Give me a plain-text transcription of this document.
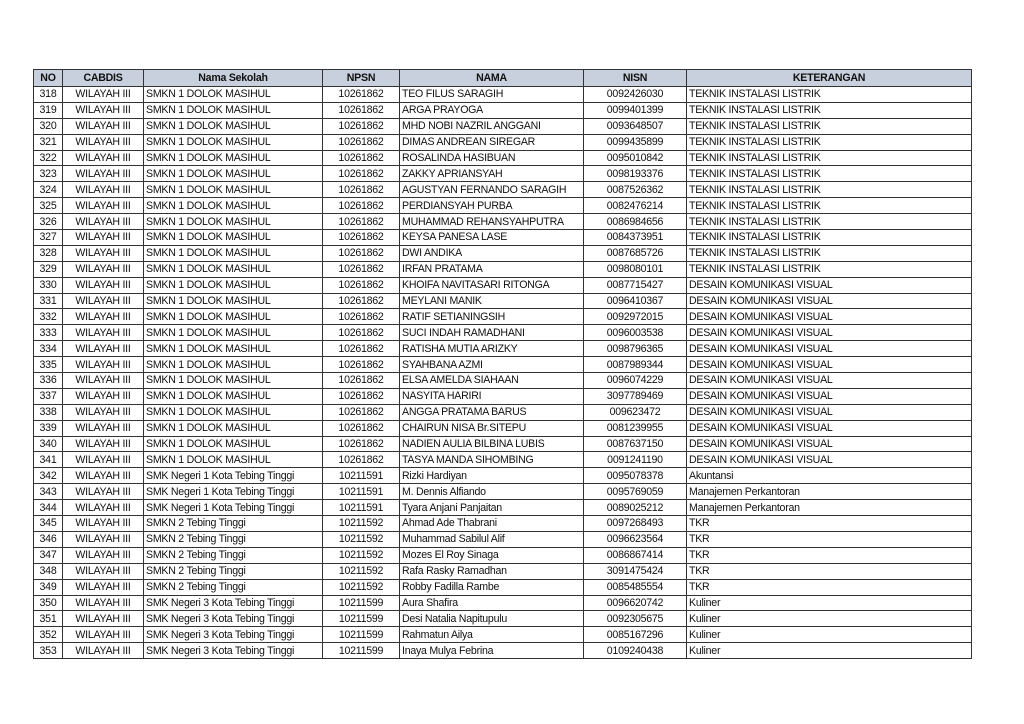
NO	CABDIS	Nama Sekolah	NPSN	NAMA	NISN	KETERANGAN
318	WILAYAH III	SMKN 1 DOLOK MASIHUL	10261862	TEO FILUS SARAGIH	0092426030	TEKNIK INSTALASI LISTRIK
319	WILAYAH III	SMKN 1 DOLOK MASIHUL	10261862	ARGA PRAYOGA	0099401399	TEKNIK INSTALASI LISTRIK
320	WILAYAH III	SMKN 1 DOLOK MASIHUL	10261862	MHD NOBI NAZRIL ANGGANI	0093648507	TEKNIK INSTALASI LISTRIK
321	WILAYAH III	SMKN 1 DOLOK MASIHUL	10261862	DIMAS ANDREAN SIREGAR	0099435899	TEKNIK INSTALASI LISTRIK
322	WILAYAH III	SMKN 1 DOLOK MASIHUL	10261862	ROSALINDA HASIBUAN	0095010842	TEKNIK INSTALASI LISTRIK
323	WILAYAH III	SMKN 1 DOLOK MASIHUL	10261862	ZAKKY APRIANSYAH	0098193376	TEKNIK INSTALASI LISTRIK
324	WILAYAH III	SMKN 1 DOLOK MASIHUL	10261862	AGUSTYAN FERNANDO SARAGIH	0087526362	TEKNIK INSTALASI LISTRIK
325	WILAYAH III	SMKN 1 DOLOK MASIHUL	10261862	PERDIANSYAH PURBA	0082476214	TEKNIK INSTALASI LISTRIK
326	WILAYAH III	SMKN 1 DOLOK MASIHUL	10261862	MUHAMMAD REHANSYAHPUTRA	0086984656	TEKNIK INSTALASI LISTRIK
327	WILAYAH III	SMKN 1 DOLOK MASIHUL	10261862	KEYSA PANESA LASE	0084373951	TEKNIK INSTALASI LISTRIK
328	WILAYAH III	SMKN 1 DOLOK MASIHUL	10261862	DWI ANDIKA	0087685726	TEKNIK INSTALASI LISTRIK
329	WILAYAH III	SMKN 1 DOLOK MASIHUL	10261862	IRFAN PRATAMA	0098080101	TEKNIK INSTALASI LISTRIK
330	WILAYAH III	SMKN 1 DOLOK MASIHUL	10261862	KHOIFA NAVITASARI RITONGA	0087715427	DESAIN KOMUNIKASI VISUAL
331	WILAYAH III	SMKN 1 DOLOK MASIHUL	10261862	MEYLANI MANIK	0096410367	DESAIN KOMUNIKASI VISUAL
332	WILAYAH III	SMKN 1 DOLOK MASIHUL	10261862	RATIF SETIANINGSIH	0092972015	DESAIN KOMUNIKASI VISUAL
333	WILAYAH III	SMKN 1 DOLOK MASIHUL	10261862	SUCI INDAH RAMADHANI	0096003538	DESAIN KOMUNIKASI VISUAL
334	WILAYAH III	SMKN 1 DOLOK MASIHUL	10261862	RATISHA MUTIA ARIZKY	0098796365	DESAIN KOMUNIKASI VISUAL
335	WILAYAH III	SMKN 1 DOLOK MASIHUL	10261862	SYAHBANA AZMI	0087989344	DESAIN KOMUNIKASI VISUAL
336	WILAYAH III	SMKN 1 DOLOK MASIHUL	10261862	ELSA AMELDA SIAHAAN	0096074229	DESAIN KOMUNIKASI VISUAL
337	WILAYAH III	SMKN 1 DOLOK MASIHUL	10261862	NASYITA HARIRI	3097789469	DESAIN KOMUNIKASI VISUAL
338	WILAYAH III	SMKN 1 DOLOK MASIHUL	10261862	ANGGA PRATAMA BARUS	009623472	DESAIN KOMUNIKASI VISUAL
339	WILAYAH III	SMKN 1 DOLOK MASIHUL	10261862	CHAIRUN NISA Br.SITEPU	0081239955	DESAIN KOMUNIKASI VISUAL
340	WILAYAH III	SMKN 1 DOLOK MASIHUL	10261862	NADIEN AULIA BILBINA LUBIS	0087637150	DESAIN KOMUNIKASI VISUAL
341	WILAYAH III	SMKN 1 DOLOK MASIHUL	10261862	TASYA MANDA SIHOMBING	0091241190	DESAIN KOMUNIKASI VISUAL
342	WILAYAH III	SMK Negeri 1 Kota Tebing Tinggi	10211591	Rizki Hardiyan	0095078378	Akuntansi
343	WILAYAH III	SMK Negeri 1 Kota Tebing Tinggi	10211591	M. Dennis Alfiando	0095769059	Manajemen Perkantoran
344	WILAYAH III	SMK Negeri 1 Kota Tebing Tinggi	10211591	Tyara Anjani Panjaitan	0089025212	Manajemen Perkantoran
345	WILAYAH III	SMKN 2 Tebing Tinggi	10211592	Ahmad Ade Thabrani	0097268493	TKR
346	WILAYAH III	SMKN 2 Tebing Tinggi	10211592	Muhammad Sabilul Alif	0096623564	TKR
347	WILAYAH III	SMKN 2 Tebing Tinggi	10211592	Mozes El Roy Sinaga	0086867414	TKR
348	WILAYAH III	SMKN 2 Tebing Tinggi	10211592	Rafa Rasky Ramadhan	3091475424	TKR
349	WILAYAH III	SMKN 2 Tebing Tinggi	10211592	Robby Fadilla Rambe	0085485554	TKR
350	WILAYAH III	SMK Negeri 3 Kota Tebing Tinggi	10211599	Aura Shafira	0096620742	Kuliner
351	WILAYAH III	SMK Negeri 3 Kota Tebing Tinggi	10211599	Desi Natalia Napitupulu	0092305675	Kuliner
352	WILAYAH III	SMK Negeri 3 Kota Tebing Tinggi	10211599	Rahmatun Ailya	0085167296	Kuliner
353	WILAYAH III	SMK Negeri 3 Kota Tebing Tinggi	10211599	Inaya Mulya Febrina	0109240438	Kuliner
